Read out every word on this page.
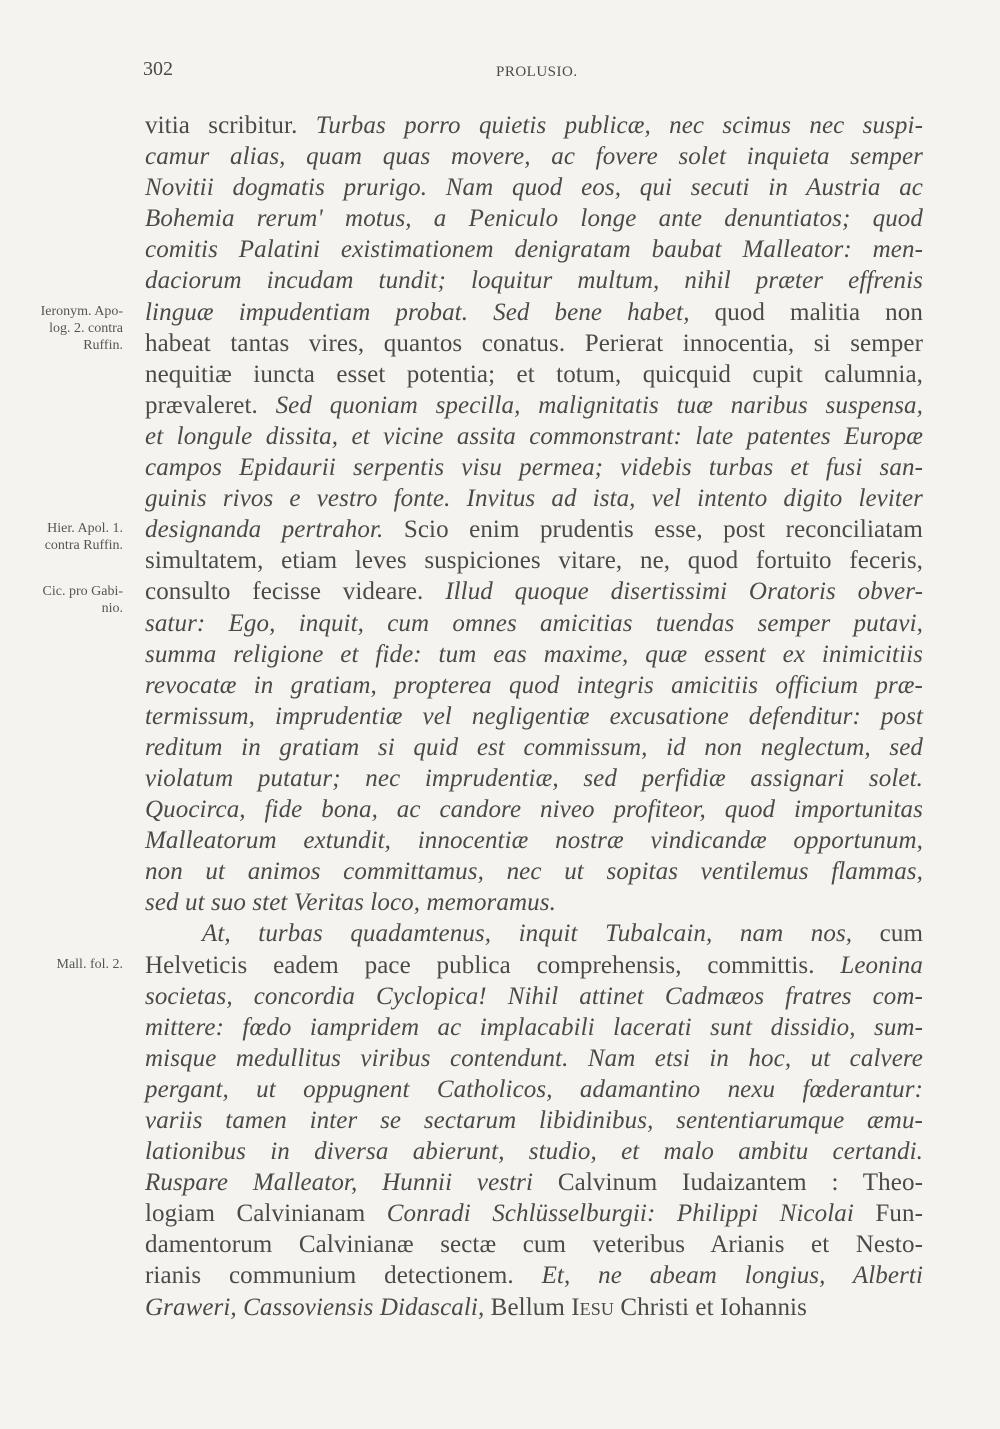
302	PROLUSIO.
vitia scribitur. Turbas porro quietis publicæ, nec scimus nec suspi-
camur alias, quam quas movere, ac fovere solet inquieta semper
Novitii dogmatis prurigo. Nam quod eos, qui secuti in Austria ac
Bohemia rerum' motus, a Peniculo longe ante denuntiatos; quod
comitis Palatini existimationem denigratam baubat Malleator: men-
daciorum incudam tundit; loquitur multum, nihil præter effrenis
linguæ impudentiam probat. Sed bene habet, quod malitia non
habeat tantas vires, quantos conatus. Perierat innocentia, si semper
nequitiæ iuncta esset potentia; et totum, quicquid cupit calumnia,
prævaleret. Sed quoniam specilla, malignitatis tuæ naribus suspensa,
et longule dissita, et vicine assita commonstrant: late patentes Europæ
campos Epidaurii serpentis visu permea; videbis turbas et fusi san-
guinis rivos e vestro fonte. Invitus ad ista, vel intento digito leviter
designanda pertrahor. Scio enim prudentis esse, post reconciliatam
simultatem, etiam leves suspiciones vitare, ne, quod fortuito feceris,
consulto fecisse videare. Illud quoque disertissimi Oratoris obver-
satur: Ego, inquit, cum omnes amicitias tuendas semper putavi,
summa religione et fide: tum eas maxime, quæ essent ex inimicitiis
revocatæ in gratiam, propterea quod integris amicitiis officium præ-
termissum, imprudentiæ vel negligentiæ excusatione defenditur: post
reditum in gratiam si quid est commissum, id non neglectum, sed
violatum putatur; nec imprudentiæ, sed perfidiæ assignari solet.
Quocirca, fide bona, ac candore niveo profiteor, quod importunitas
Malleatorum extundit, innocentiæ nostræ vindicandæ opportunum,
non ut animos committamus, nec ut sopitas ventilemus flammas,
sed ut suo stet Veritas loco, memoramus.
At, turbas quadamtenus, inquit Tubalcain, nam nos, cum
Helveticis eadem pace publica comprehensis, committis. Leonina
societas, concordia Cyclopica! Nihil attinet Cadmæos fratres com-
mittere: fœdo iampridem ac implacabili lacerati sunt dissidio, sum-
misque medullitus viribus contendunt. Nam etsi in hoc, ut calvere
pergant, ut oppugnent Catholicos, adamantino nexu fœderantur:
variis tamen inter se sectarum libidinibus, sententiarumque æmu-
lationibus in diversa abierunt, studio, et malo ambitu certandi.
Ruspare Malleator, Hunnii vestri Calvinum Iudaizantem : Theo-
logiam Calvinianam Conradi Schlüsselburgii: Philippi Nicolai Fun-
damentorum Calvinianæ sectæ cum veteribus Arianis et Nesto-
rianis communium detectionem. Et, ne abeam longius, Alberti
Graweri, Cassoviensis Didascali, Bellum Iesu Christi et Iohannis
Ieronym. Apo-
log. 2. contra
Ruffin.
Hier. Apol. 1.
contra Ruffin.
Cic. pro Gabi-
nio.
Mall. fol. 2.
